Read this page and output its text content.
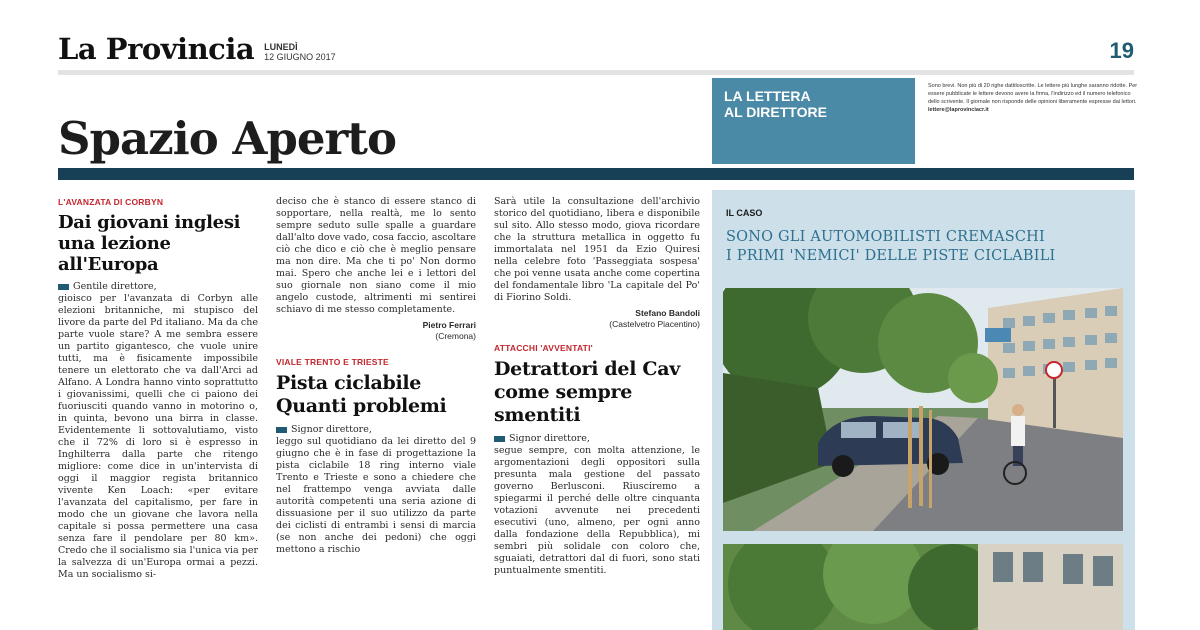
La Provincia LUNEDÌ
12 GIUGNO 2017	19
Spazio Aperto
LA LETTERA
AL DIRETTORE
Sono brevi. Non più di 20 righe dattiloscritte. Le lettere più lunghe saranno ridotte. Per essere pubblicate le lettere devono avere la firma, l'indirizzo ed il numero telefonico dello scrivente. Il giornale non risponde delle opinioni liberamente espresse dai lettori. lettere@laprovinciacr.it
L'AVANZATA DI CORBYN
Dai giovani inglesi
una lezione all'Europa
Gentile direttore,
gioisco per l'avanzata di Corbyn alle elezioni britanniche, mi stupisco del livore da parte del Pd italiano. Ma da che parte vuole stare? A me sembra essere un partito gigantesco, che vuole unire tutti, ma è fisicamente impossibile tenere un elettorato che va dall'Arci ad Alfano. A Londra hanno vinto soprattutto i giovanissimi, quelli che ci paiono dei fuoriusciti quando vanno in motorino o, in quinta, bevono una birra in classe. Evidentemente li sottovalutiamo, visto che il 72% di loro si è espresso in Inghilterra dalla parte che ritengo migliore: come dice in un'intervista di oggi il maggior regista britannico vivente Ken Loach: «per evitare l'avanzata del capitalismo, per fare in modo che un giovane che lavora nella capitale si possa permettere una casa senza fare il pendolare per 80 km». Credo che il socialismo sia l'unica via per la salvezza di un'Europa ormai a pezzi. Ma un socialismo si-
deciso che è stanco di essere stanco di sopportare, nella realtà, me lo sento sempre seduto sulle spalle a guardare dall'alto dove vado, cosa faccio, ascoltare ciò che dico e ciò che è meglio pensare ma non dire. Ma che ti po' Non dormo mai. Spero che anche lei e i lettori del suo giornale non siano come il mio angelo custode, altrimenti mi sentirei schiavo di me stesso completamente.
Pietro Ferrari
(Cremona)
VIALE TRENTO E TRIESTE
Pista ciclabile
Quanti problemi
Signor direttore,
leggo sul quotidiano da lei diretto del 9 giugno che è in fase di progettazione la pista ciclabile 18 ring interno viale Trento e Trieste e sono a chiedere che nel frattempo venga avviata dalle autorità competenti una seria azione di dissuasione per il suo utilizzo da parte dei ciclisti di entrambi i sensi di marcia (se non anche dei pedoni) che oggi mettono a rischio
Sarà utile la consultazione dell'archivio storico del quotidiano, libera e disponibile sul sito. Allo stesso modo, giova ricordare che la struttura metallica in oggetto fu immortalata nel 1951 da Ezio Quiresi nella celebre foto 'Passeggiata sospesa' che poi venne usata anche come copertina del fondamentale libro 'La capitale del Po' di Fiorino Soldi.
Stefano Bandoli
(Castelvetro Piacentino)
ATTACCHI 'AVVENTATI'
Detrattori del Cav
come sempre smentiti
Signor direttore,
segue sempre, con molta attenzione, le argomentazioni degli oppositori sulla presunta mala gestione del passato governo Berlusconi. Riusciremo a spiegarmi il perché delle oltre cinquanta votazioni avvenute nei precedenti esecutivi (uno, almeno, per ogni anno dalla fondazione della Repubblica), mi sembri più solidale con coloro che, sguaiati, detrattori dal di fuori, sono stati puntualmente smentiti.
IL CASO
SONO GLI AUTOMOBILISTI CREMASCHI
I PRIMI 'NEMICI' DELLE PISTE CICLABILI
